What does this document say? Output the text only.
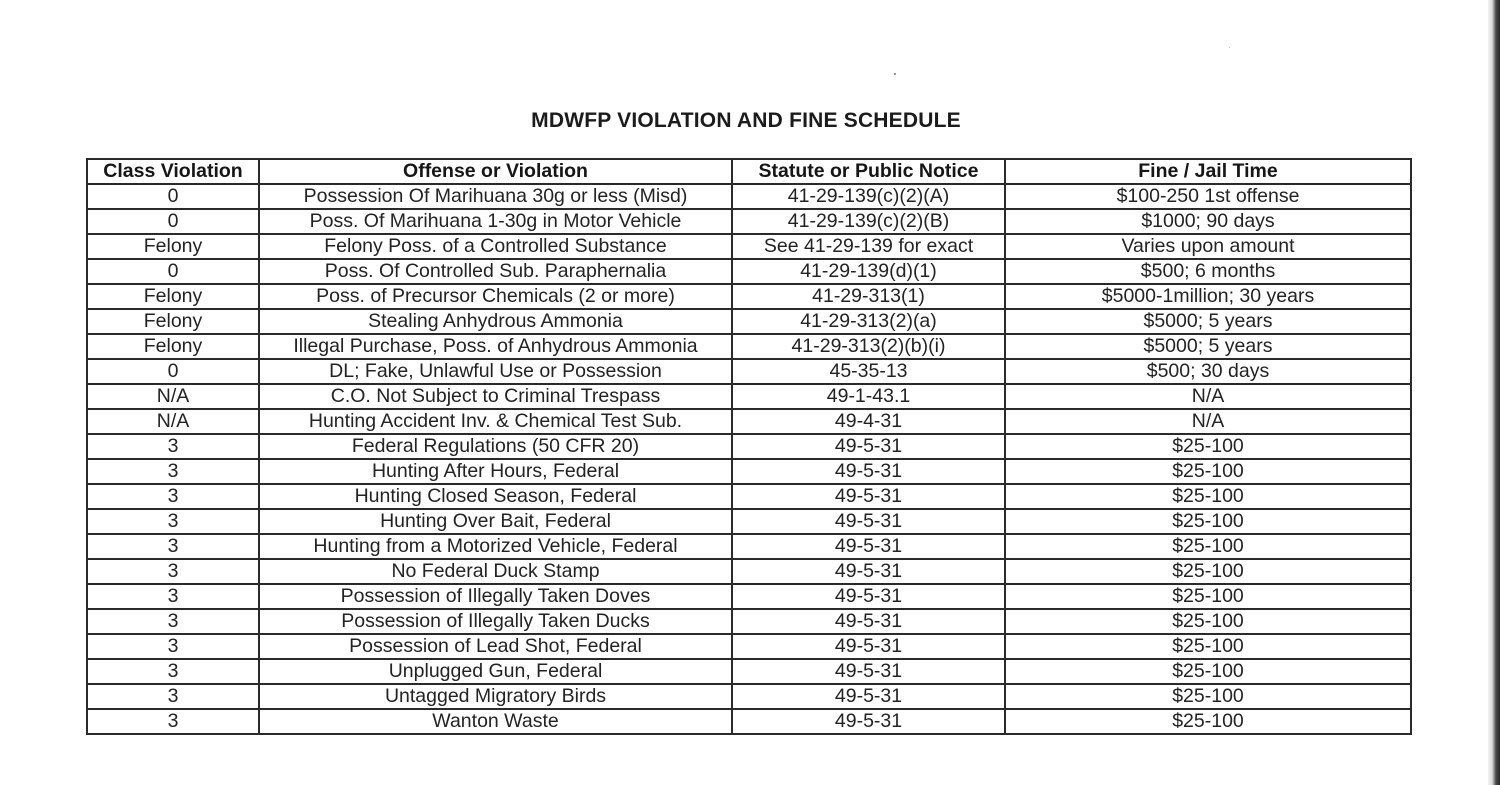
MDWFP VIOLATION AND FINE SCHEDULE
Class Violation	Offense or Violation	Statute or Public Notice	Fine / Jail Time
0	Possession Of Marihuana 30g or less (Misd)	41-29-139(c)(2)(A)	$100-250 1st offense
0	Poss. Of Marihuana 1-30g in Motor Vehicle	41-29-139(c)(2)(B)	$1000; 90 days
Felony	Felony Poss. of a Controlled Substance	See 41-29-139 for exact	Varies upon amount
0	Poss. Of Controlled Sub. Paraphernalia	41-29-139(d)(1)	$500; 6 months
Felony	Poss. of Precursor Chemicals (2 or more)	41-29-313(1)	$5000-1million; 30 years
Felony	Stealing Anhydrous Ammonia	41-29-313(2)(a)	$5000; 5 years
Felony	Illegal Purchase, Poss. of Anhydrous Ammonia	41-29-313(2)(b)(i)	$5000; 5 years
0	DL; Fake, Unlawful Use or Possession	45-35-13	$500; 30 days
N/A	C.O. Not Subject to Criminal Trespass	49-1-43.1	N/A
N/A	Hunting Accident Inv. & Chemical Test Sub.	49-4-31	N/A
3	Federal Regulations (50 CFR 20)	49-5-31	$25-100
3	Hunting After Hours, Federal	49-5-31	$25-100
3	Hunting Closed Season, Federal	49-5-31	$25-100
3	Hunting Over Bait, Federal	49-5-31	$25-100
3	Hunting from a Motorized Vehicle, Federal	49-5-31	$25-100
3	No Federal Duck Stamp	49-5-31	$25-100
3	Possession of Illegally Taken Doves	49-5-31	$25-100
3	Possession of Illegally Taken Ducks	49-5-31	$25-100
3	Possession of Lead Shot, Federal	49-5-31	$25-100
3	Unplugged Gun, Federal	49-5-31	$25-100
3	Untagged Migratory Birds	49-5-31	$25-100
3	Wanton Waste	49-5-31	$25-100
